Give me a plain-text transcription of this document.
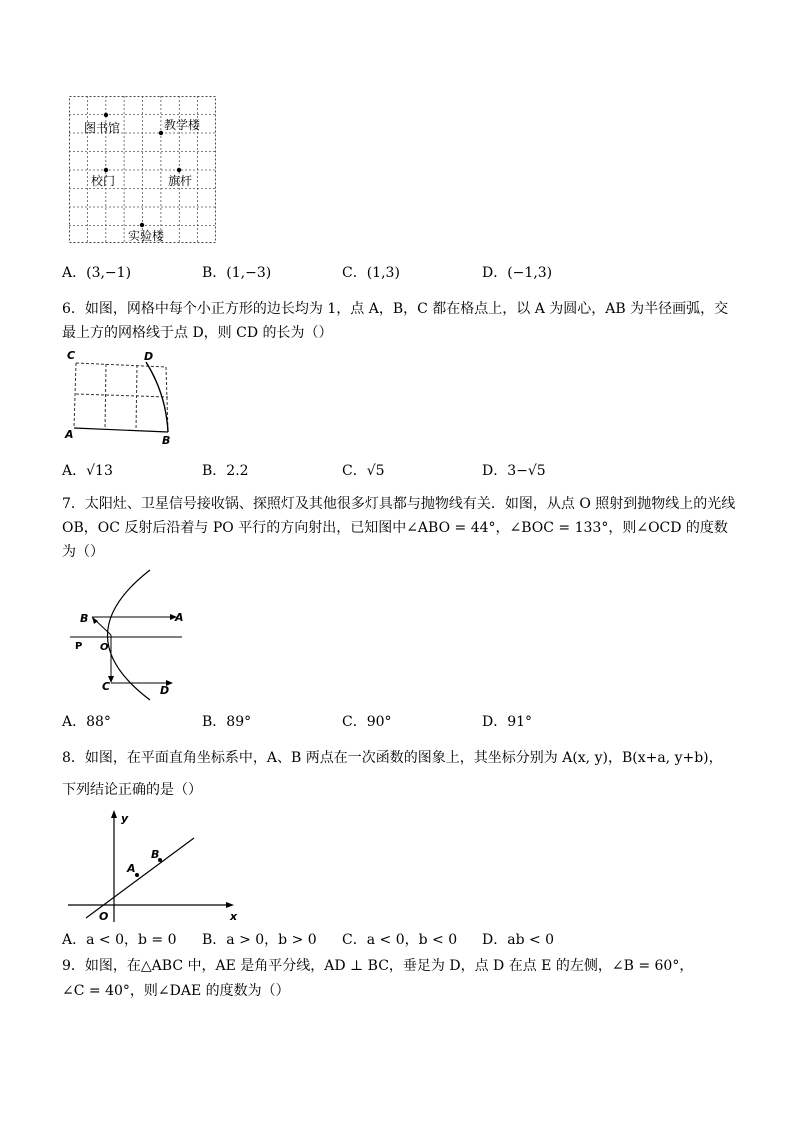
图书馆	教学楼
校门	旗杆
实验楼
A．(3,−1)	B．(1,−3)	C．(1,3)	D．(−1,3)
6．如图，网格中每个小正方形的边长均为 1，点 A，B，C 都在格点上，以 A 为圆心，AB 为半径画弧，交
最上方的网格线于点 D，则 CD 的长为（）
C	D
A	B
A．√13	B．2.2	C．√5	D．3−√5
7．太阳灶、卫星信号接收锅、探照灯及其他很多灯具都与抛物线有关．如图，从点 O 照射到抛物线上的光线
OB，OC 反射后沿着与 PO 平行的方向射出，已知图中∠ABO = 44°，∠BOC = 133°，则∠OCD 的度数
为（）
B	A
P O
C	D
A．88°	B．89°	C．90°	D．91°
8．如图，在平面直角坐标系中，A、B 两点在一次函数的图象上，其坐标分别为 A(x, y)，B(x+a, y+b)，
下列结论正确的是（）
y
x
O
A
B
A．a < 0，b = 0 B．a > 0，b > 0 C．a < 0，b < 0 D．ab < 0
9．如图，在△ABC 中，AE 是角平分线，AD ⊥ BC，垂足为 D，点 D 在点 E 的左侧，∠B = 60°，
∠C = 40°，则∠DAE 的度数为（）
